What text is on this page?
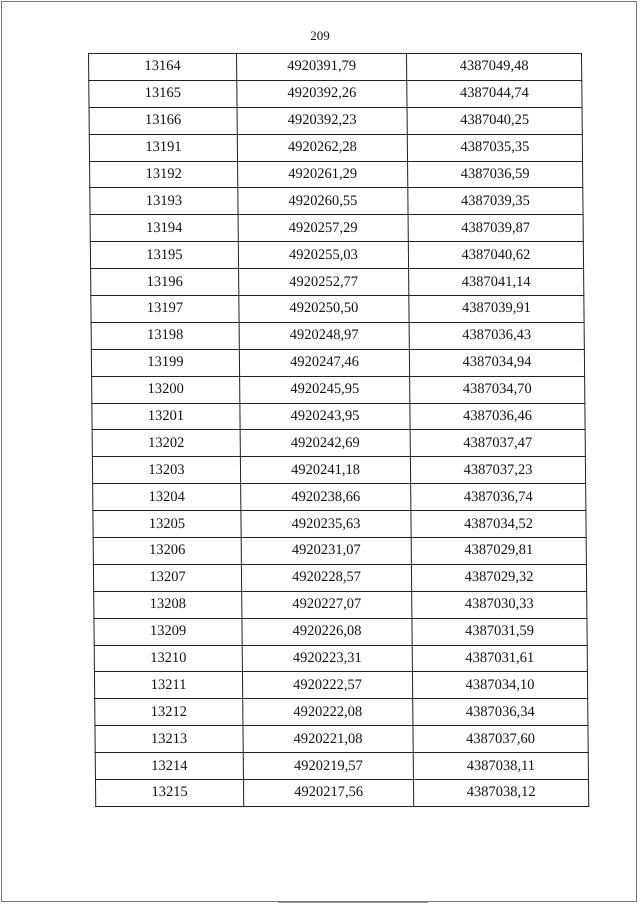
209
13164	4920391,79	4387049,48
13165	4920392,26	4387044,74
13166	4920392,23	4387040,25
13191	4920262,28	4387035,35
13192	4920261,29	4387036,59
13193	4920260,55	4387039,35
13194	4920257,29	4387039,87
13195	4920255,03	4387040,62
13196	4920252,77	4387041,14
13197	4920250,50	4387039,91
13198	4920248,97	4387036,43
13199	4920247,46	4387034,94
13200	4920245,95	4387034,70
13201	4920243,95	4387036,46
13202	4920242,69	4387037,47
13203	4920241,18	4387037,23
13204	4920238,66	4387036,74
13205	4920235,63	4387034,52
13206	4920231,07	4387029,81
13207	4920228,57	4387029,32
13208	4920227,07	4387030,33
13209	4920226,08	4387031,59
13210	4920223,31	4387031,61
13211	4920222,57	4387034,10
13212	4920222,08	4387036,34
13213	4920221,08	4387037,60
13214	4920219,57	4387038,11
13215	4920217,56	4387038,12
